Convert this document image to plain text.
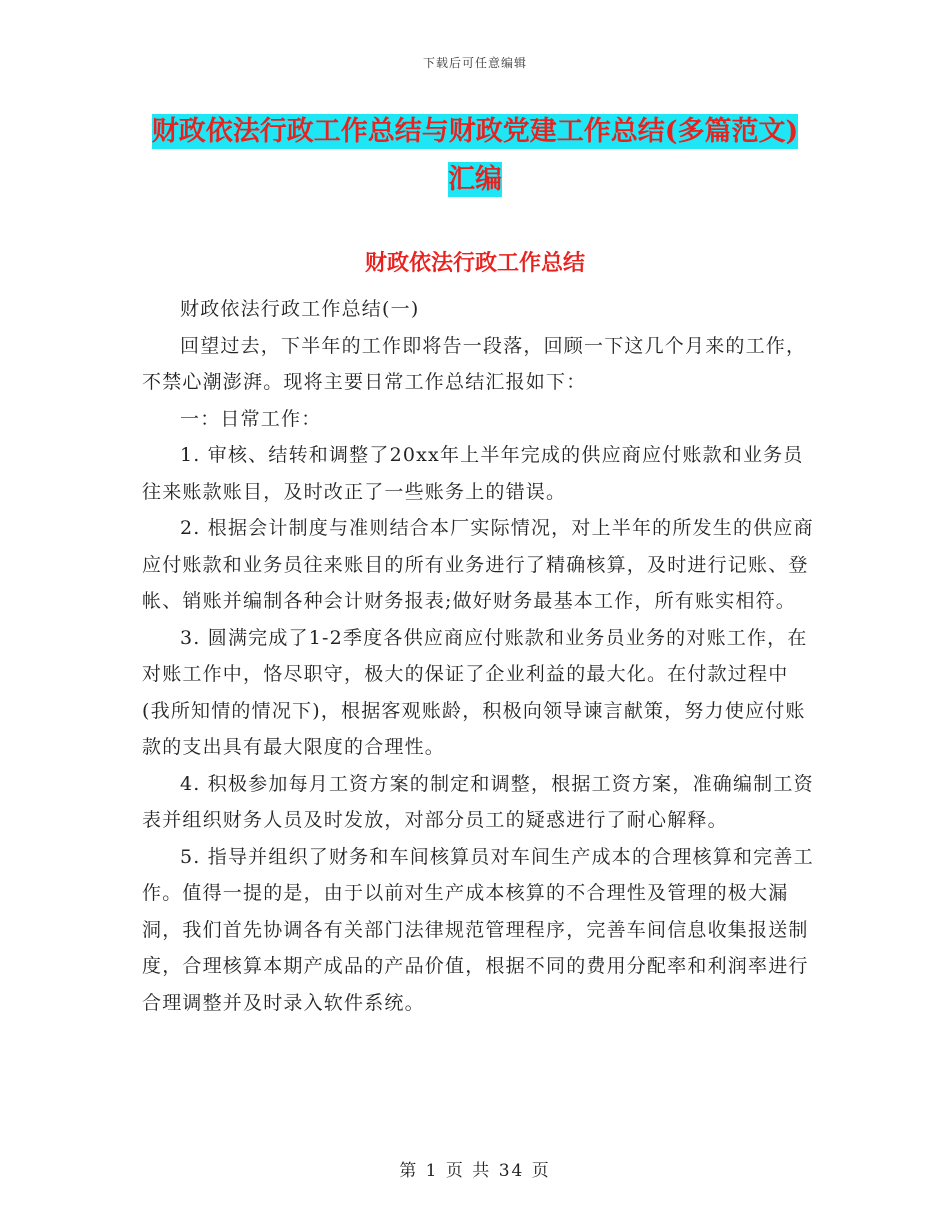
下载后可任意编辑
财政依法行政工作总结与财政党建工作总结(多篇范文)汇编
财政依法行政工作总结

财政依法行政工作总结(一)

回望过去，下半年的工作即将告一段落，回顾一下这几个月来的工作，不禁心潮澎湃。现将主要日常工作总结汇报如下：

一：日常工作：

1. 审核、结转和调整了20xx年上半年完成的供应商应付账款和业务员往来账款账目，及时改正了一些账务上的错误。

2. 根据会计制度与准则结合本厂实际情况，对上半年的所发生的供应商应付账款和业务员往来账目的所有业务进行了精确核算，及时进行记账、登帐、销账并编制各种会计财务报表;做好财务最基本工作，所有账实相符。

3. 圆满完成了1-2季度各供应商应付账款和业务员业务的对账工作，在对账工作中，恪尽职守，极大的保证了企业利益的最大化。在付款过程中(我所知情的情况下)，根据客观账龄，积极向领导谏言献策，努力使应付账款的支出具有最大限度的合理性。

4. 积极参加每月工资方案的制定和调整，根据工资方案，准确编制工资表并组织财务人员及时发放，对部分员工的疑惑进行了耐心解释。

5. 指导并组织了财务和车间核算员对车间生产成本的合理核算和完善工作。值得一提的是，由于以前对生产成本核算的不合理性及管理的极大漏洞，我们首先协调各有关部门法律规范管理程序，完善车间信息收集报送制度，合理核算本期产成品的产品价值，根据不同的费用分配率和利润率进行合理调整并及时录入软件系统。

第 1 页 共 34 页
